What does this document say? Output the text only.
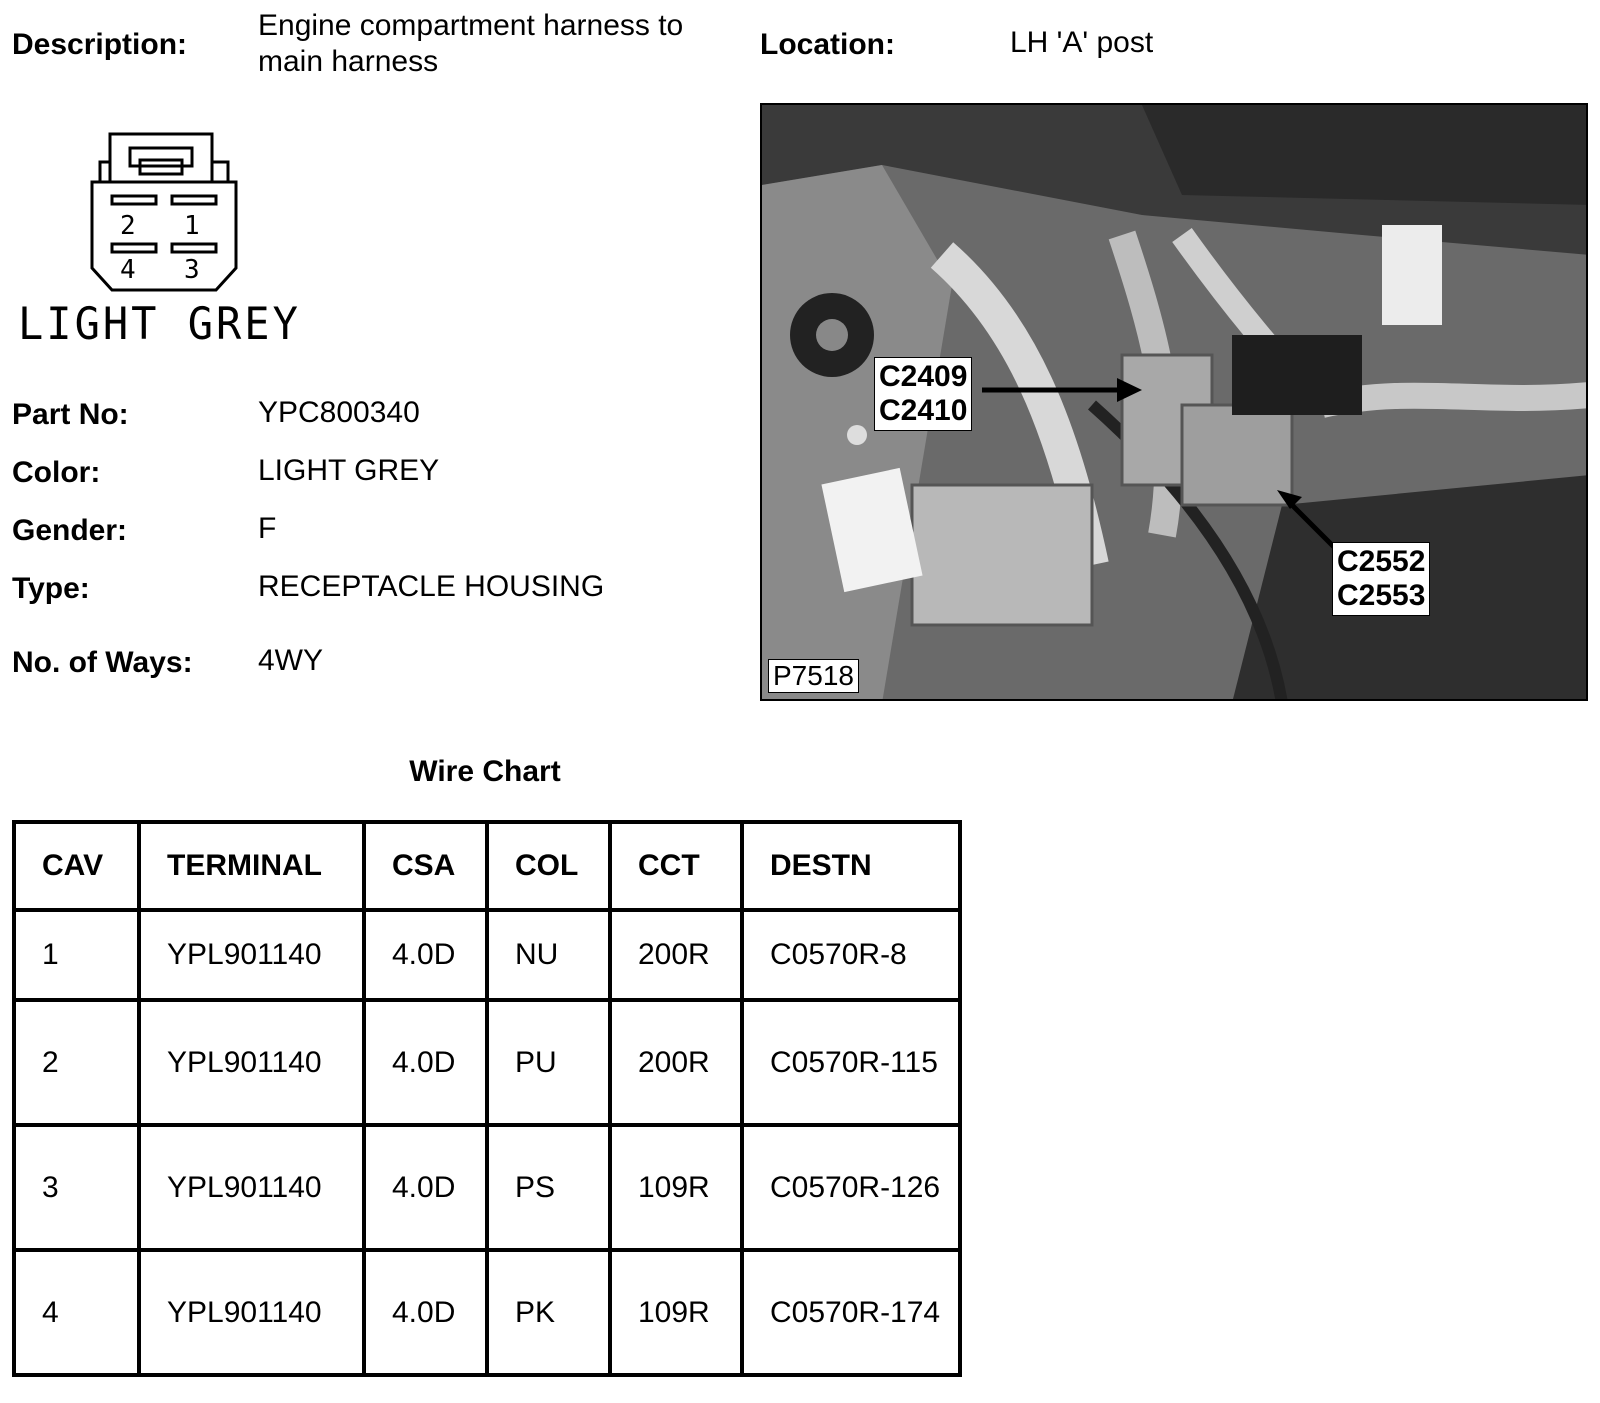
Description:
Engine compartment harness to main harness
Location:	LH 'A' post
2 1
4 3
LIGHT GREY
Part No:	YPC800340
Color:	LIGHT GREY
Gender:	F
Type:	RECEPTACLE HOUSING
No. of Ways: 4WY
C2409
C2410
C2552
C2553
P7518
Wire Chart
CAV	TERMINAL	CSA	COL	CCT	DESTN
1	YPL901140	4.0D	NU	200R	C0570R-8
2	YPL901140	4.0D	PU	200R	C0570R-115
3	YPL901140	4.0D	PS	109R	C0570R-126
4	YPL901140	4.0D	PK	109R	C0570R-174
